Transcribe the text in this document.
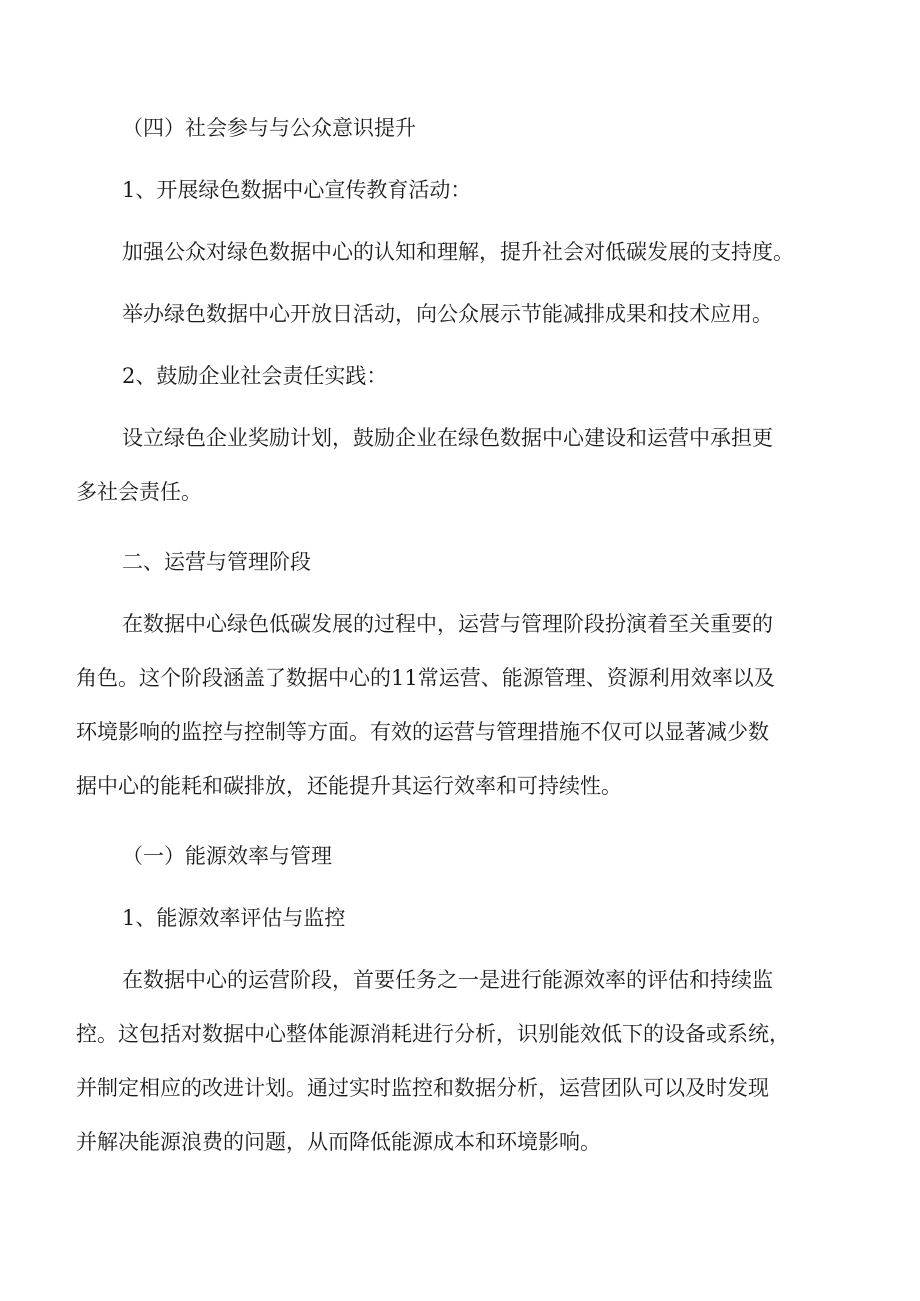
（四）社会参与与公众意识提升

1、开展绿色数据中心宣传教育活动：

加强公众对绿色数据中心的认知和理解，提升社会对低碳发展的支持度。

举办绿色数据中心开放日活动，向公众展示节能减排成果和技术应用。

2、鼓励企业社会责任实践：

设立绿色企业奖励计划，鼓励企业在绿色数据中心建设和运营中承担更

多社会责任。

二、运营与管理阶段

在数据中心绿色低碳发展的过程中，运营与管理阶段扮演着至关重要的

角色。这个阶段涵盖了数据中心的11常运营、能源管理、资源利用效率以及

环境影响的监控与控制等方面。有效的运营与管理措施不仅可以显著减少数

据中心的能耗和碳排放，还能提升其运行效率和可持续性。

（一）能源效率与管理

1、能源效率评估与监控

在数据中心的运营阶段，首要任务之一是进行能源效率的评估和持续监

控。这包括对数据中心整体能源消耗进行分析，识别能效低下的设备或系统，

并制定相应的改进计划。通过实时监控和数据分析，运营团队可以及时发现

并解决能源浪费的问题，从而降低能源成本和环境影响。
